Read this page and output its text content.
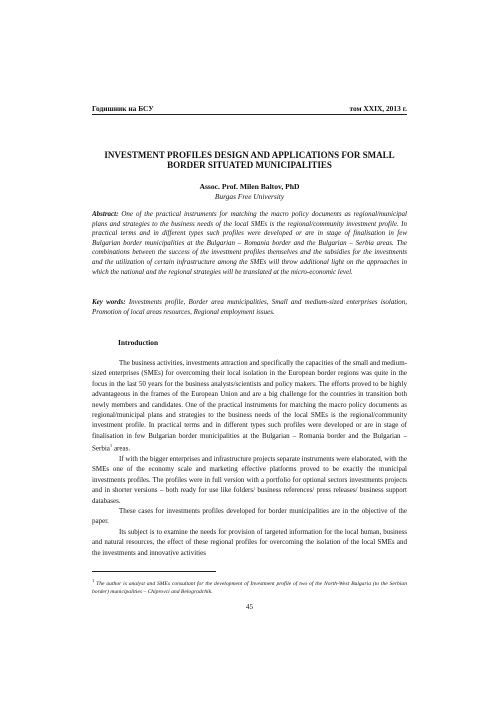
Годишник на БСУ	том XXIX, 2013 г.
INVESTMENT PROFILES DESIGN AND APPLICATIONS FOR SMALL BORDER SITUATED MUNICIPALITIES
Assoc. Prof. Milen Baltov, PhD
Burgas Free University
Abstract: One of the practical instruments for matching the macro policy documents as regional/municipal plans and strategies to the business needs of the local SMEs is the regional/community investment profile. In practical terms and in different types such profiles were developed or are in stage of finalisation in few Bulgarian border municipalities at the Bulgarian – Romania border and the Bulgarian – Serbia areas. The combinations between the success of the investment profiles themselves and the subsidies for the investments and the utilization of certain infrastructure among the SMEs will throw additional light on the approaches in which the national and the regional strategies will be translated at the micro-economic level.
Key words: Investments profile, Border area municipalities, Small and medium-sized enterprises isolation, Promotion of local areas resources, Regional employment issues.
Introduction

The business activities, investments attraction and specifically the capacities of the small and medium-sized enterprises (SMEs) for overcoming their local isolation in the European border regions was quite in the focus in the last 50 years for the business analysts/scientists and policy makers. The efforts proved to be highly advantageous in the frames of the European Union and are a big challenge for the countries in transition both newly members and candidates. One of the practical instruments for matching the macro policy documents as regional/municipal plans and strategies to the business needs of the local SMEs is the regional/community investment profile. In practical terms and in different types such profiles were developed or are in stage of finalisation in few Bulgarian border municipalities at the Bulgarian – Romania border and the Bulgarian – Serbia$^1$ areas.

If with the bigger enterprises and infrastructure projects separate instruments were elaborated, with the SMEs one of the economy scale and marketing effective platforms proved to be exactly the municipal investments profiles. The profiles were in full version with a portfolio for optional sectors investments projects and in shorter versions – both ready for use like folders/ business references/ press releases/ business support databases.

These cases for investments profiles developed for border municipalities are in the objective of the paper.

Its subject is to examine the needs for provision of targeted information for the local human, business and natural resources, the effect of these regional profiles for overcoming the isolation of the local SMEs and the investments and innovative activities

$^1$ The author is analyst and SMEs consultant for the development of Investment profile of two of the North-West Bulgaria (to the Serbian border) municipalities – Chiprovci and Belogradchik.
45
